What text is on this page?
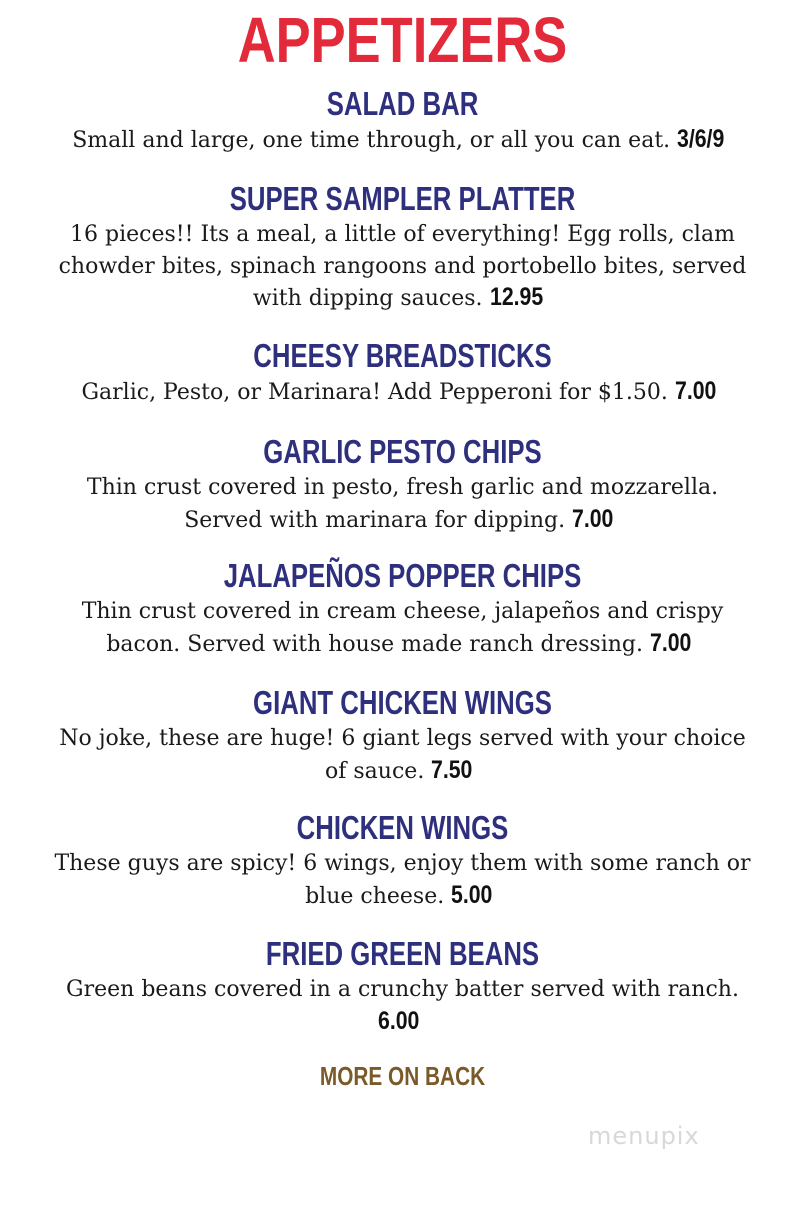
APPETIZERS
SALAD BAR
Small and large, one time through, or all you can eat. 3/6/9
SUPER SAMPLER PLATTER
16 pieces!! Its a meal, a little of everything! Egg rolls, clam chowder bites, spinach rangoons and portobello bites, served with dipping sauces. 12.95
CHEESY BREADSTICKS
Garlic, Pesto, or Marinara! Add Pepperoni for $1.50. 7.00
GARLIC PESTO CHIPS
Thin crust covered in pesto, fresh garlic and mozzarella. Served with marinara for dipping. 7.00
JALAPEÑOS POPPER CHIPS
Thin crust covered in cream cheese, jalapeños and crispy bacon. Served with house made ranch dressing. 7.00
GIANT CHICKEN WINGS
No joke, these are huge! 6 giant legs served with your choice of sauce. 7.50
CHICKEN WINGS
These guys are spicy! 6 wings, enjoy them with some ranch or blue cheese. 5.00
FRIED GREEN BEANS
Green beans covered in a crunchy batter served with ranch. 6.00
MORE ON BACK
menupix
